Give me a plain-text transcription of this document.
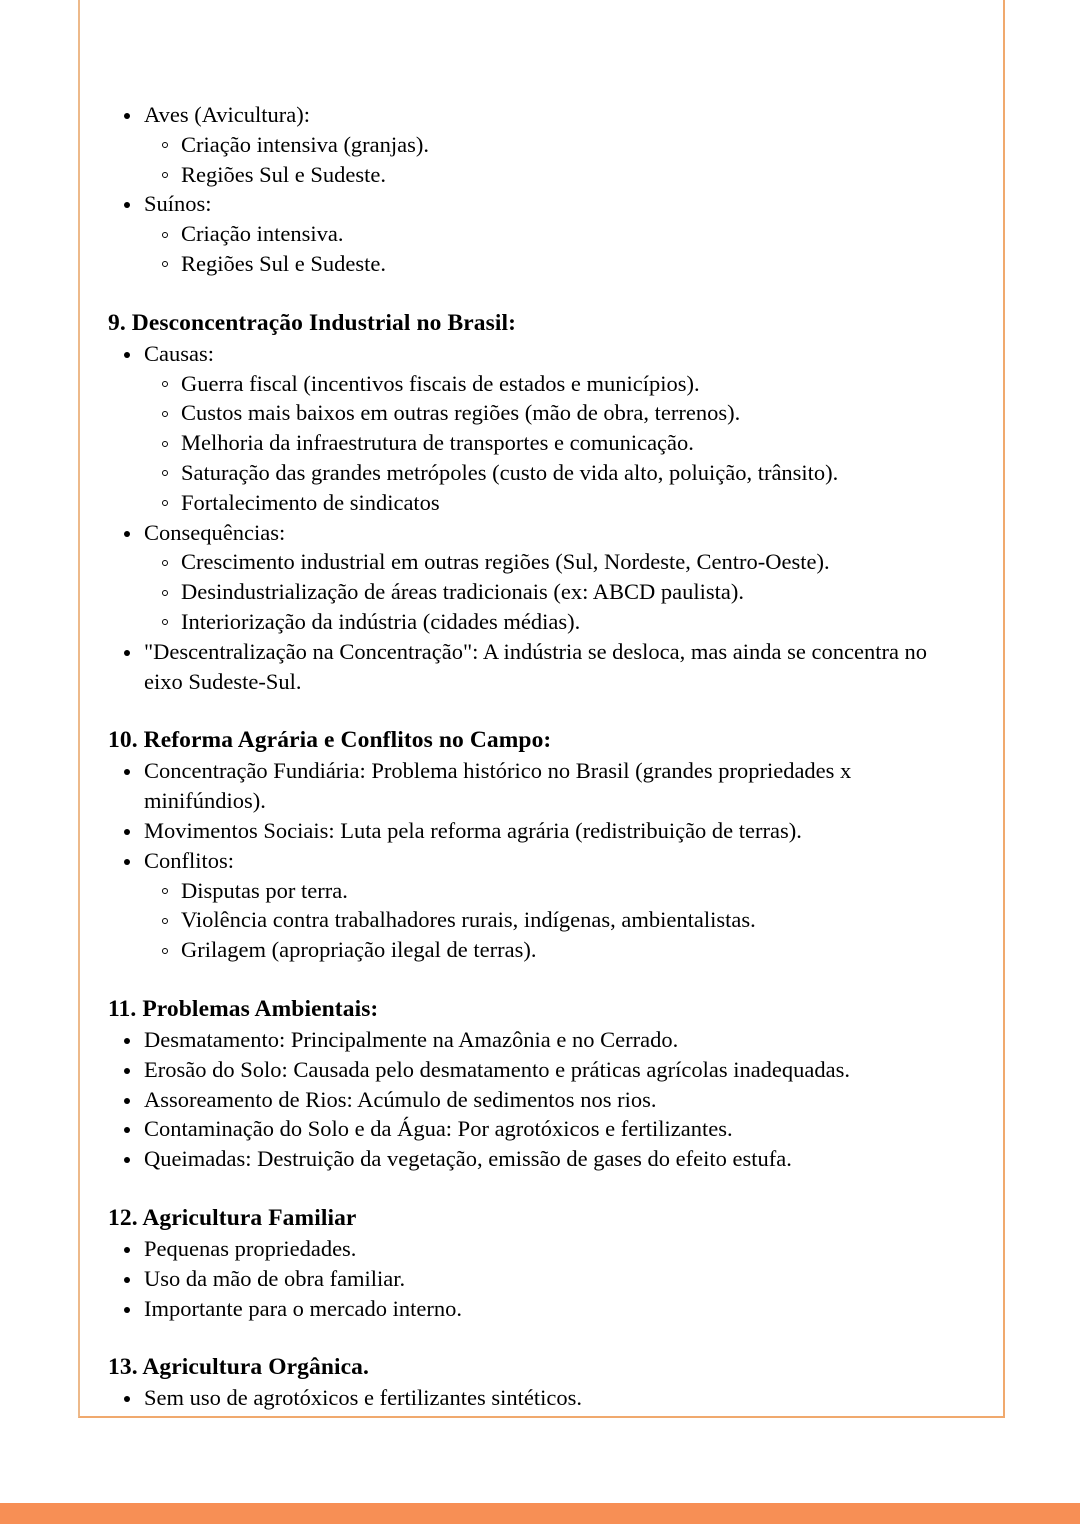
Aves (Avicultura):
Criação intensiva (granjas).
Regiões Sul e Sudeste.
Suínos:
Criação intensiva.
Regiões Sul e Sudeste.
9. Desconcentração Industrial no Brasil:
Causas:
Guerra fiscal (incentivos fiscais de estados e municípios).
Custos mais baixos em outras regiões (mão de obra, terrenos).
Melhoria da infraestrutura de transportes e comunicação.
Saturação das grandes metrópoles (custo de vida alto, poluição, trânsito).
Fortalecimento de sindicatos
Consequências:
Crescimento industrial em outras regiões (Sul, Nordeste, Centro-Oeste).
Desindustrialização de áreas tradicionais (ex: ABCD paulista).
Interiorização da indústria (cidades médias).
"Descentralização na Concentração": A indústria se desloca, mas ainda se concentra no eixo Sudeste-Sul.
10. Reforma Agrária e Conflitos no Campo:
Concentração Fundiária: Problema histórico no Brasil (grandes propriedades x minifúndios).
Movimentos Sociais: Luta pela reforma agrária (redistribuição de terras).
Conflitos:
Disputas por terra.
Violência contra trabalhadores rurais, indígenas, ambientalistas.
Grilagem (apropriação ilegal de terras).
11. Problemas Ambientais:
Desmatamento: Principalmente na Amazônia e no Cerrado.
Erosão do Solo: Causada pelo desmatamento e práticas agrícolas inadequadas.
Assoreamento de Rios: Acúmulo de sedimentos nos rios.
Contaminação do Solo e da Água: Por agrotóxicos e fertilizantes.
Queimadas: Destruição da vegetação, emissão de gases do efeito estufa.
12. Agricultura Familiar
Pequenas propriedades.
Uso da mão de obra familiar.
Importante para o mercado interno.
13. Agricultura Orgânica.
Sem uso de agrotóxicos e fertilizantes sintéticos.
